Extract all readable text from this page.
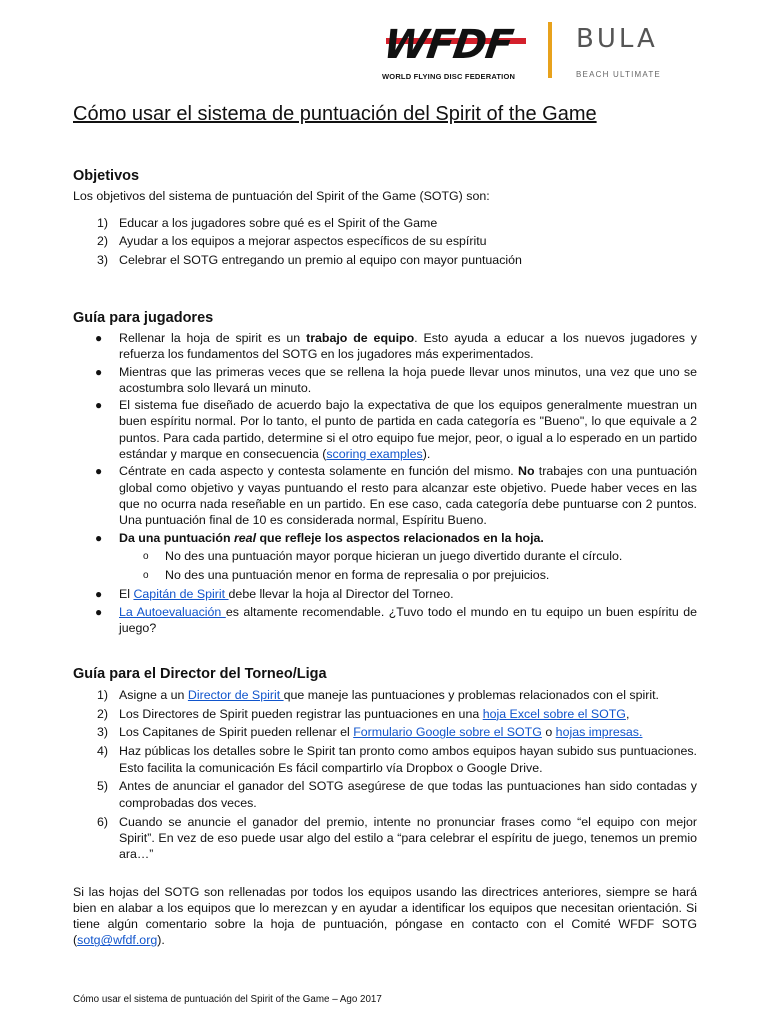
WFDF
WORLD FLYING DISC FEDERATION
BULA
BEACH ULTIMATE
Cómo usar el sistema de puntuación del Spirit of the Game
Objetivos

Los objetivos del sistema de puntuación del Spirit of the Game (SOTG) son:

1) Educar a los jugadores sobre qué es el Spirit of the Game
2) Ayudar a los equipos a mejorar aspectos específicos de su espíritu
3) Celebrar el SOTG entregando un premio al equipo con mayor puntuación
Guía para jugadores
● Rellenar la hoja de spirit es un trabajo de equipo. Esto ayuda a educar a los nuevos jugadores y refuerza los fundamentos del SOTG en los jugadores más experimentados.
● Mientras que las primeras veces que se rellena la hoja puede llevar unos minutos, una vez que uno se acostumbra solo llevará un minuto.
● El sistema fue diseñado de acuerdo bajo la expectativa de que los equipos generalmente muestran un buen espíritu normal. Por lo tanto, el punto de partida en cada categoría es "Bueno", lo que equivale a 2 puntos. Para cada partido, determine si el otro equipo fue mejor, peor, o igual a lo esperado en un partido estándar y marque en consecuencia (scoring examples).
● Céntrate en cada aspecto y contesta solamente en función del mismo. No trabajes con una puntuación global como objetivo y vayas puntuando el resto para alcanzar este objetivo. Puede haber veces en las que no ocurra nada reseñable en un partido. En ese caso, cada categoría debe puntuarse con 2 puntos. Una puntuación final de 10 es considerada normal, Espíritu Bueno.
● Da una puntuación real que refleje los aspectos relacionados en la hoja.
o No des una puntuación mayor porque hicieran un juego divertido durante el círculo.
o No des una puntuación menor en forma de represalia o por prejuicios.
● El Capitán de Spirit debe llevar la hoja al Director del Torneo.
● La Autoevaluación es altamente recomendable. ¿Tuvo todo el mundo en tu equipo un buen espíritu de juego?
Guía para el Director del Torneo/Liga
1) Asigne a un Director de Spirit que maneje las puntuaciones y problemas relacionados con el spirit.
2) Los Directores de Spirit pueden registrar las puntuaciones en una hoja Excel sobre el SOTG,
3) Los Capitanes de Spirit pueden rellenar el Formulario Google sobre el SOTG o hojas impresas.
4) Haz públicas los detalles sobre le Spirit tan pronto como ambos equipos hayan subido sus puntuaciones. Esto facilita la comunicación Es fácil compartirlo vía Dropbox o Google Drive.
5) Antes de anunciar el ganador del SOTG asegúrese de que todas las puntuaciones han sido contadas y comprobadas dos veces.
6) Cuando se anuncie el ganador del premio, intente no pronunciar frases como “el equipo con mejor Spirit”. En vez de eso puede usar algo del estilo a “para celebrar el espíritu de juego, tenemos un premio ara…”

Si las hojas del SOTG son rellenadas por todos los equipos usando las directrices anteriores, siempre se hará bien en alabar a los equipos que lo merezcan y en ayudar a identificar los equipos que necesitan orientación. Si tiene algún comentario sobre la hoja de puntuación, póngase en contacto con el Comité WFDF SOTG (sotg@wfdf.org).

Cómo usar el sistema de puntuación del Spirit of the Game – Ago 2017
